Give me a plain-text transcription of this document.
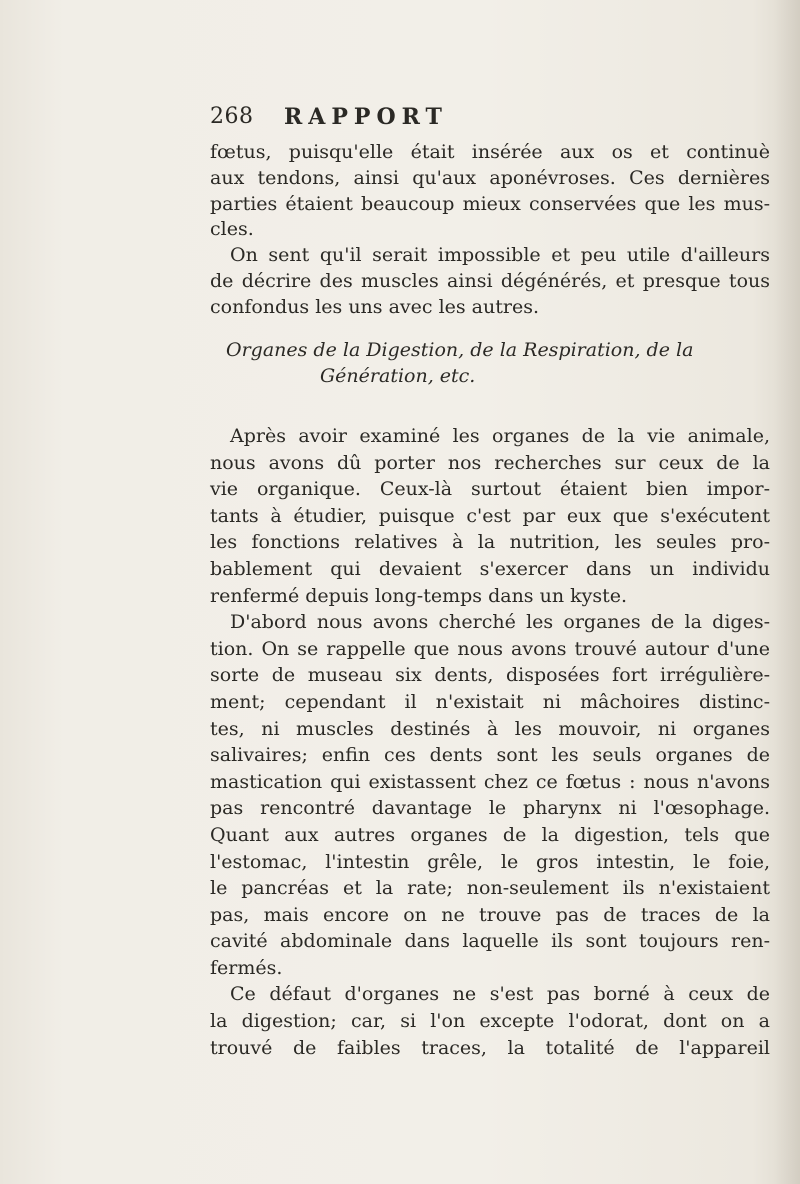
268 RAPPORT
fœtus, puisqu'elle était insérée aux os et continuè
aux tendons, ainsi qu'aux aponévroses. Ces dernières
parties étaient beaucoup mieux conservées que les mus-
cles.
On sent qu'il serait impossible et peu utile d'ailleurs
de décrire des muscles ainsi dégénérés, et presque tous
confondus les uns avec les autres.
Organes de la Digestion, de la Respiration, de la
Génération, etc.
Après avoir examiné les organes de la vie animale,
nous avons dû porter nos recherches sur ceux de la
vie organique. Ceux-là surtout étaient bien impor-
tants à étudier, puisque c'est par eux que s'exécutent
les fonctions relatives à la nutrition, les seules pro-
bablement qui devaient s'exercer dans un individu
renfermé depuis long-temps dans un kyste.
D'abord nous avons cherché les organes de la diges-
tion. On se rappelle que nous avons trouvé autour d'une
sorte de museau six dents, disposées fort irrégulière-
ment; cependant il n'existait ni mâchoires distinc-
tes, ni muscles destinés à les mouvoir, ni organes
salivaires; enfin ces dents sont les seuls organes de
mastication qui existassent chez ce fœtus : nous n'avons
pas rencontré davantage le pharynx ni l'œsophage.
Quant aux autres organes de la digestion, tels que
l'estomac, l'intestin grêle, le gros intestin, le foie,
le pancréas et la rate; non-seulement ils n'existaient
pas, mais encore on ne trouve pas de traces de la
cavité abdominale dans laquelle ils sont toujours ren-
fermés.
Ce défaut d'organes ne s'est pas borné à ceux de
la digestion; car, si l'on excepte l'odorat, dont on a
trouvé de faibles traces, la totalité de l'appareil
